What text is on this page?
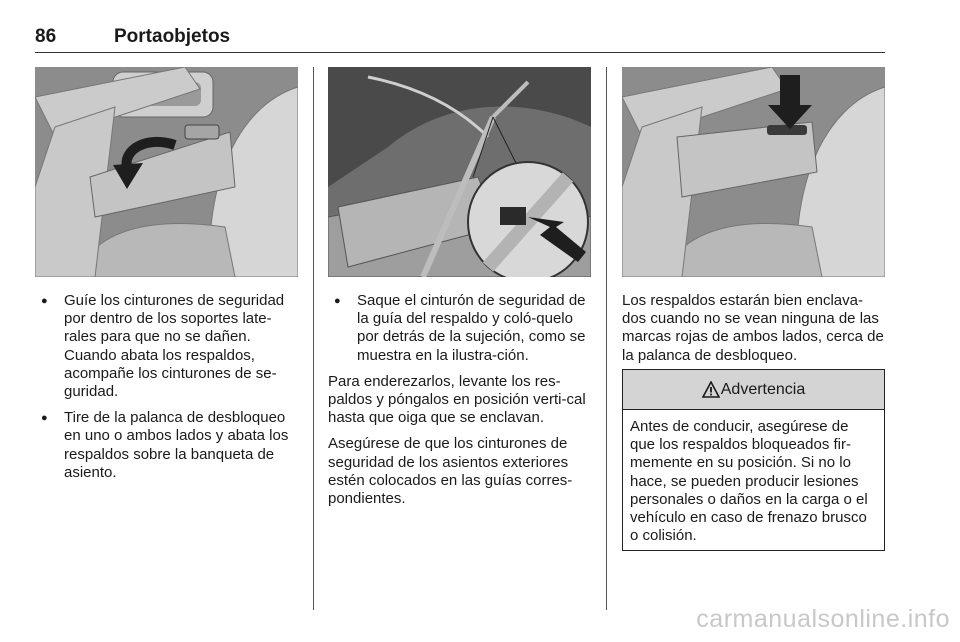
86	Portaobjetos
● Guíe los cinturones de seguridad por dentro de los soportes late-rales para que no se dañen. Cuando abata los respaldos, acompañe los cinturones de se-guridad.
● Tire de la palanca de desbloqueo en uno o ambos lados y abata los respaldos sobre la banqueta de asiento.
● Saque el cinturón de seguridad de la guía del respaldo y coló-quelo por detrás de la sujeción, como se muestra en la ilustra-ción.

Para enderezarlos, levante los res-paldos y póngalos en posición verti-cal hasta que oiga que se enclavan.

Asegúrese de que los cinturones de seguridad de los asientos exteriores estén colocados en las guías corres-pondientes.

Los respaldos estarán bien enclava-dos cuando no se vean ninguna de las marcas rojas de ambos lados, cerca de la palanca de desbloqueo.

Advertencia
Antes de conducir, asegúrese de que los respaldos bloqueados fir-memente en su posición. Si no lo hace, se pueden producir lesiones personales o daños en la carga o el vehículo en caso de frenazo brusco o colisión.
carmanualsonline.info
